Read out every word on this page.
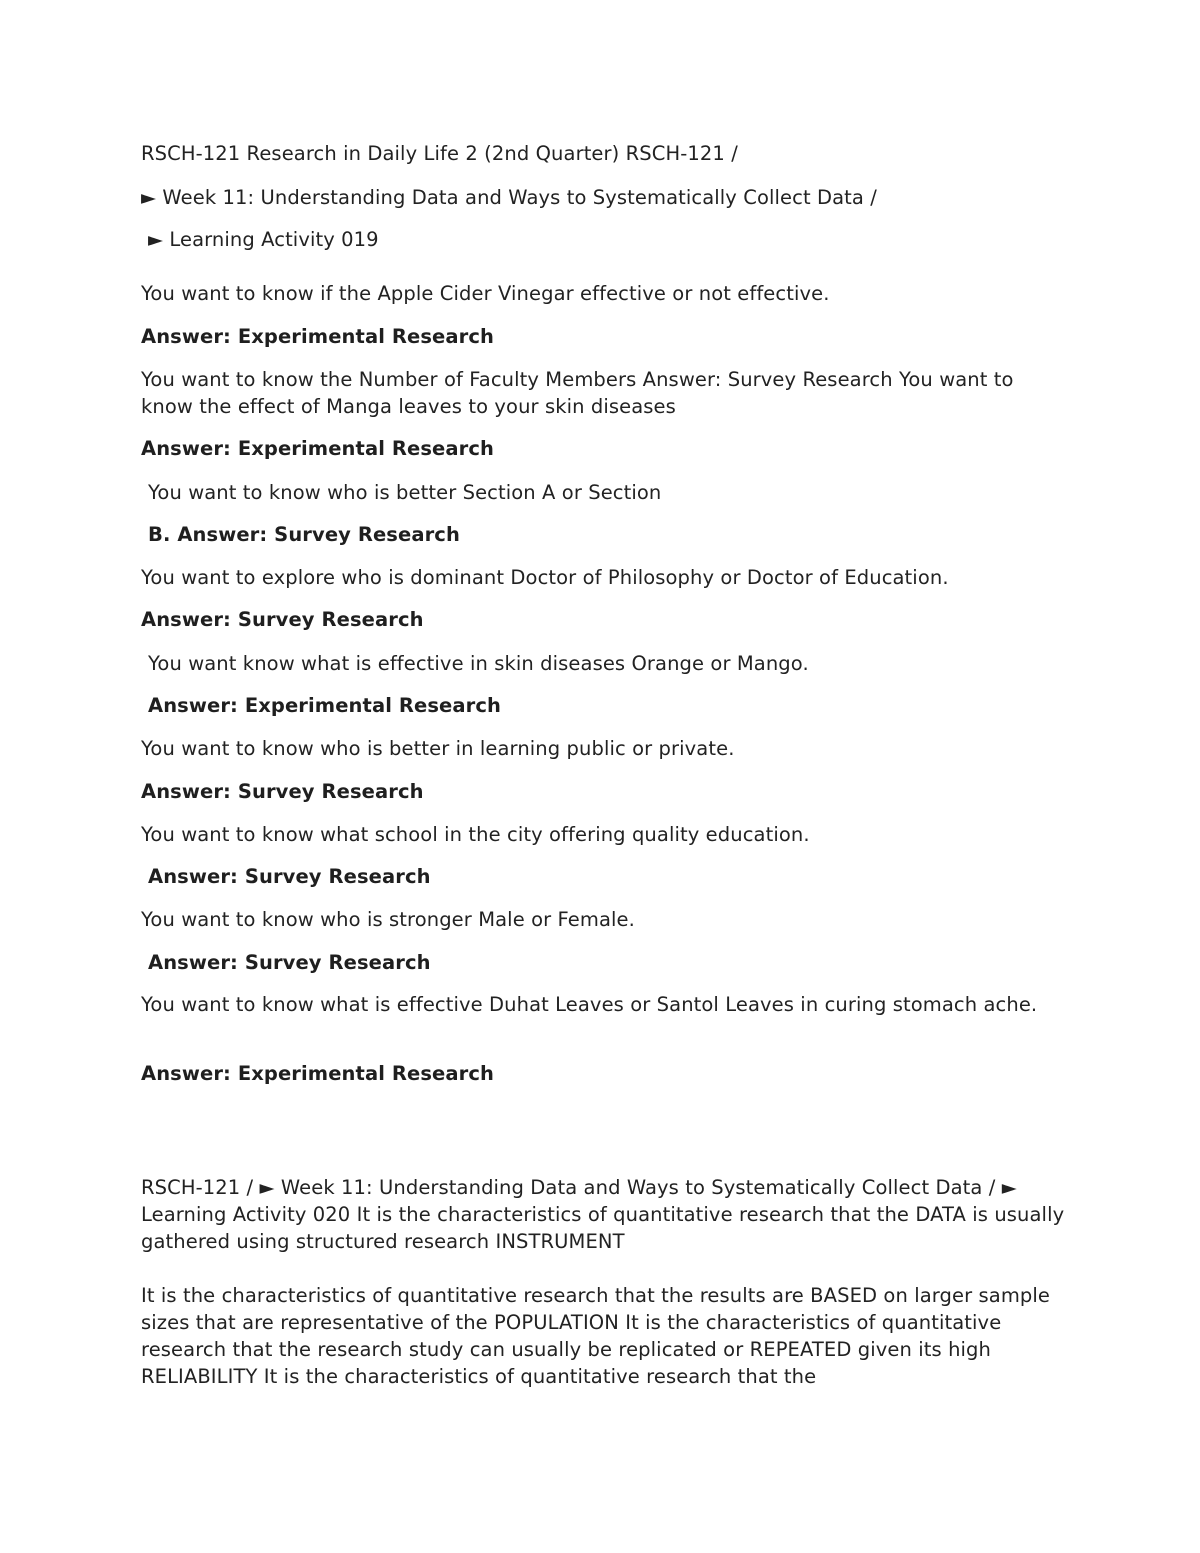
RSCH-121 Research in Daily Life 2 (2nd Quarter) RSCH-121 /
► Week 11: Understanding Data and Ways to Systematically Collect Data /
► Learning Activity 019
You want to know if the Apple Cider Vinegar effective or not effective.
Answer: Experimental Research
You want to know the Number of Faculty Members Answer: Survey Research You want to know the effect of Manga leaves to your skin diseases
Answer: Experimental Research
You want to know who is better Section A or Section
B. Answer: Survey Research
You want to explore who is dominant Doctor of Philosophy or Doctor of Education.
Answer: Survey Research
You want know what is effective in skin diseases Orange or Mango.
Answer: Experimental Research
You want to know who is better in learning public or private.
Answer: Survey Research
You want to know what school in the city offering quality education.
Answer: Survey Research
You want to know who is stronger Male or Female.
Answer: Survey Research
You want to know what is effective Duhat Leaves or Santol Leaves in curing stomach ache.
Answer: Experimental Research
RSCH-121 / ► Week 11: Understanding Data and Ways to Systematically Collect Data / ► Learning Activity 020 It is the characteristics of quantitative research that the DATA is usually gathered using structured research INSTRUMENT
It is the characteristics of quantitative research that the results are BASED on larger sample sizes that are representative of the POPULATION It is the characteristics of quantitative research that the research study can usually be replicated or REPEATED given its high RELIABILITY It is the characteristics of quantitative research that the
